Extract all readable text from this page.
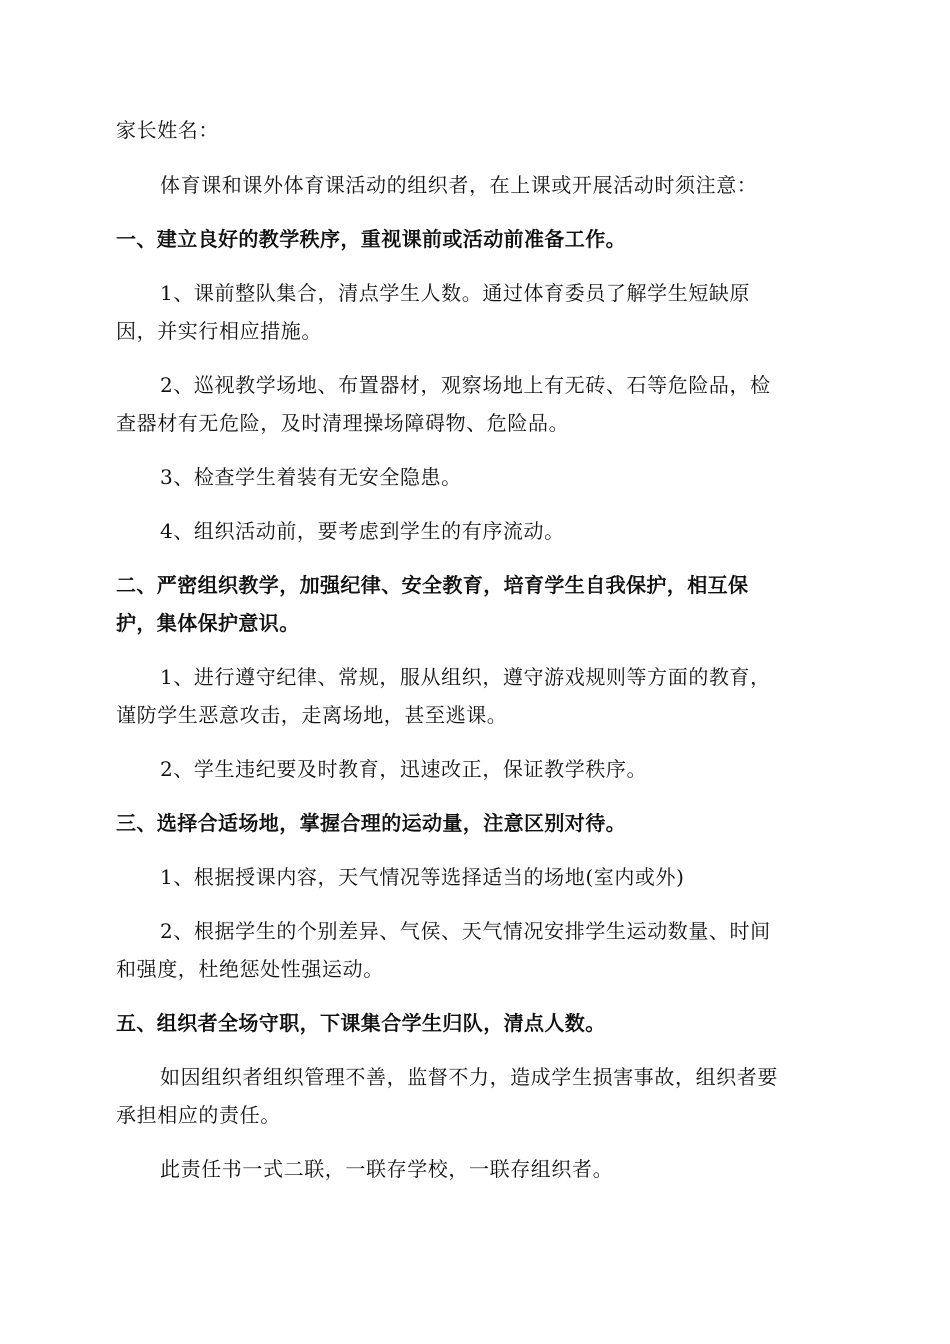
家长姓名：
体育课和课外体育课活动的组织者，在上课或开展活动时须注意：
一、建立良好的教学秩序，重视课前或活动前准备工作。
1、课前整队集合，清点学生人数。通过体育委员了解学生短缺原
因，并实行相应措施。
2、巡视教学场地、布置器材，观察场地上有无砖、石等危险品，检
查器材有无危险，及时清理操场障碍物、危险品。
3、检查学生着装有无安全隐患。
4、组织活动前，要考虑到学生的有序流动。
二、严密组织教学，加强纪律、安全教育，培育学生自我保护，相互保
护，集体保护意识。
1、进行遵守纪律、常规，服从组织，遵守游戏规则等方面的教育，
谨防学生恶意攻击，走离场地，甚至逃课。
2、学生违纪要及时教育，迅速改正，保证教学秩序。
三、选择合适场地，掌握合理的运动量，注意区别对待。
1、根据授课内容，天气情况等选择适当的场地(室内或外)
2、根据学生的个别差异、气侯、天气情况安排学生运动数量、时间
和强度，杜绝惩处性强运动。
五、组织者全场守职，下课集合学生归队，清点人数。
如因组织者组织管理不善，监督不力，造成学生损害事故，组织者要
承担相应的责任。
此责任书一式二联，一联存学校，一联存组织者。
